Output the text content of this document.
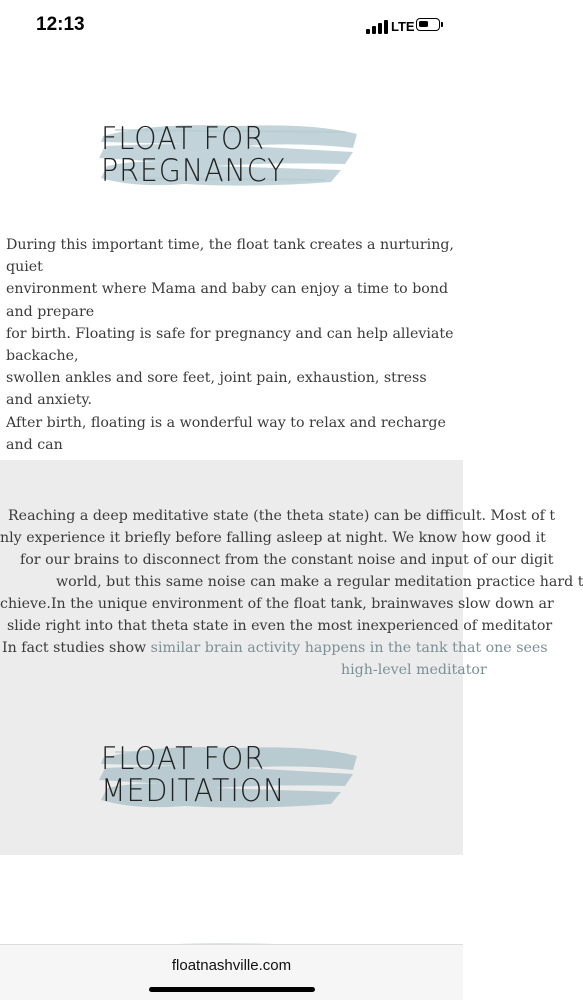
12:13	LTE
FLOAT FOR
PREGNANCY
During this important time, the float tank creates a nurturing, quiet
environment where Mama and baby can enjoy a time to bond and prepare
for birth. Floating is safe for pregnancy and can help alleviate backache,
swollen ankles and sore feet, joint pain, exhaustion, stress and anxiety.
After birth, floating is a wonderful way to relax and recharge and can
Reaching a deep meditative state (the theta state) can be difficult. Most of t
nly experience it briefly before falling asleep at night. We know how good it
for our brains to disconnect from the constant noise and input of our digit
world, but this same noise can make a regular meditation practice hard t
chieve.In the unique environment of the float tank, brainwaves slow down ar
slide right into that theta state in even the most inexperienced of meditator
In fact studies show similar brain activity happens in the tank that one sees
high-level meditator
FLOAT FOR
MEDITATION
floatnashville.com
